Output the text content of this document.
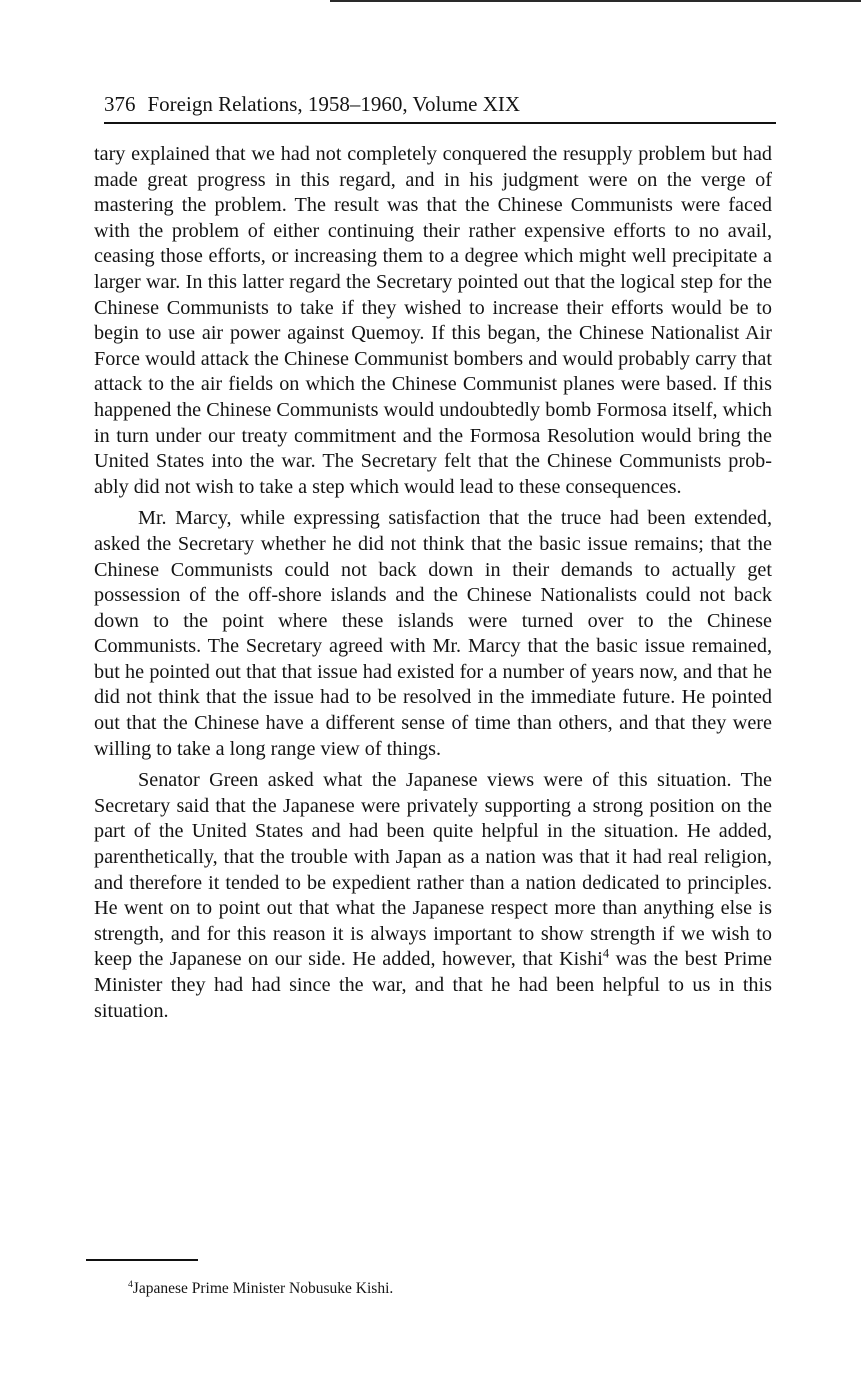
376 Foreign Relations, 1958–1960, Volume XIX

tary explained that we had not completely conquered the resupply problem but had made great progress in this regard, and in his judgment were on the verge of mastering the problem. The result was that the Chinese Communists were faced with the problem of either continuing their rather expensive efforts to no avail, ceasing those efforts, or increasing them to a degree which might well precipitate a larger war. In this latter regard the Secretary pointed out that the logical step for the Chinese Communists to take if they wished to increase their efforts would be to begin to use air power against Quemoy. If this began, the Chinese Nationalist Air Force would attack the Chinese Communist bombers and would probably carry that attack to the air fields on which the Chinese Communist planes were based. If this happened the Chinese Communists would undoubtedly bomb Formosa itself, which in turn under our treaty commitment and the Formosa Resolution would bring the United States into the war. The Secretary felt that the Chinese Communists probably did not wish to take a step which would lead to these consequences.

Mr. Marcy, while expressing satisfaction that the truce had been extended, asked the Secretary whether he did not think that the basic issue remains; that the Chinese Communists could not back down in their demands to actually get possession of the off-shore islands and the Chinese Nationalists could not back down to the point where these islands were turned over to the Chinese Communists. The Secretary agreed with Mr. Marcy that the basic issue remained, but he pointed out that that issue had existed for a number of years now, and that he did not think that the issue had to be resolved in the immediate future. He pointed out that the Chinese have a different sense of time than others, and that they were willing to take a long range view of things.

Senator Green asked what the Japanese views were of this situation. The Secretary said that the Japanese were privately supporting a strong position on the part of the United States and had been quite helpful in the situation. He added, parenthetically, that the trouble with Japan as a nation was that it had real religion, and therefore it tended to be expedient rather than a nation dedicated to principles. He went on to point out that what the Japanese respect more than anything else is strength, and for this reason it is always important to show strength if we wish to keep the Japanese on our side. He added, however, that Kishi$^4$ was the best Prime Minister they had had since the war, and that he had been helpful to us in this situation.

$^4$Japanese Prime Minister Nobusuke Kishi.
